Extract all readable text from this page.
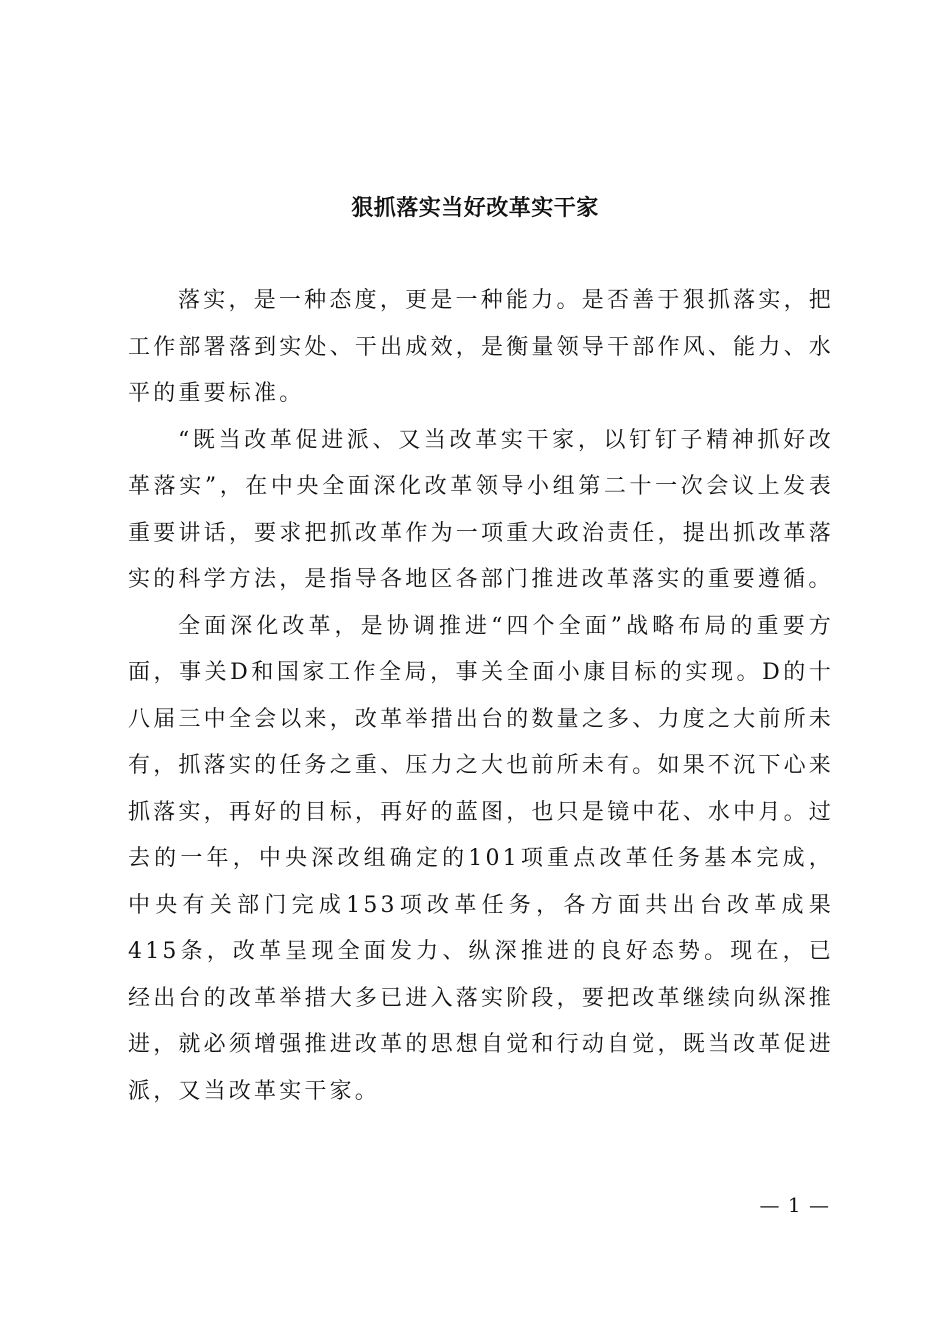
狠抓落实当好改革实干家

落实，是一种态度，更是一种能力。是否善于狠抓落实，把工作部署落到实处、干出成效，是衡量领导干部作风、能力、水平的重要标准。

“既当改革促进派、又当改革实干家，以钉钉子精神抓好改革落实”，在中央全面深化改革领导小组第二十一次会议上发表重要讲话，要求把抓改革作为一项重大政治责任，提出抓改革落实的科学方法，是指导各地区各部门推进改革落实的重要遵循。

全面深化改革，是协调推进“四个全面”战略布局的重要方面，事关D和国家工作全局，事关全面小康目标的实现。D的十八届三中全会以来，改革举措出台的数量之多、力度之大前所未有，抓落实的任务之重、压力之大也前所未有。如果不沉下心来抓落实，再好的目标，再好的蓝图，也只是镜中花、水中月。过去的一年，中央深改组确定的101项重点改革任务基本完成，中央有关部门完成153项改革任务，各方面共出台改革成果415条，改革呈现全面发力、纵深推进的良好态势。现在，已经出台的改革举措大多已进入落实阶段，要把改革继续向纵深推进，就必须增强推进改革的思想自觉和行动自觉，既当改革促进派，又当改革实干家。

— 1 —
